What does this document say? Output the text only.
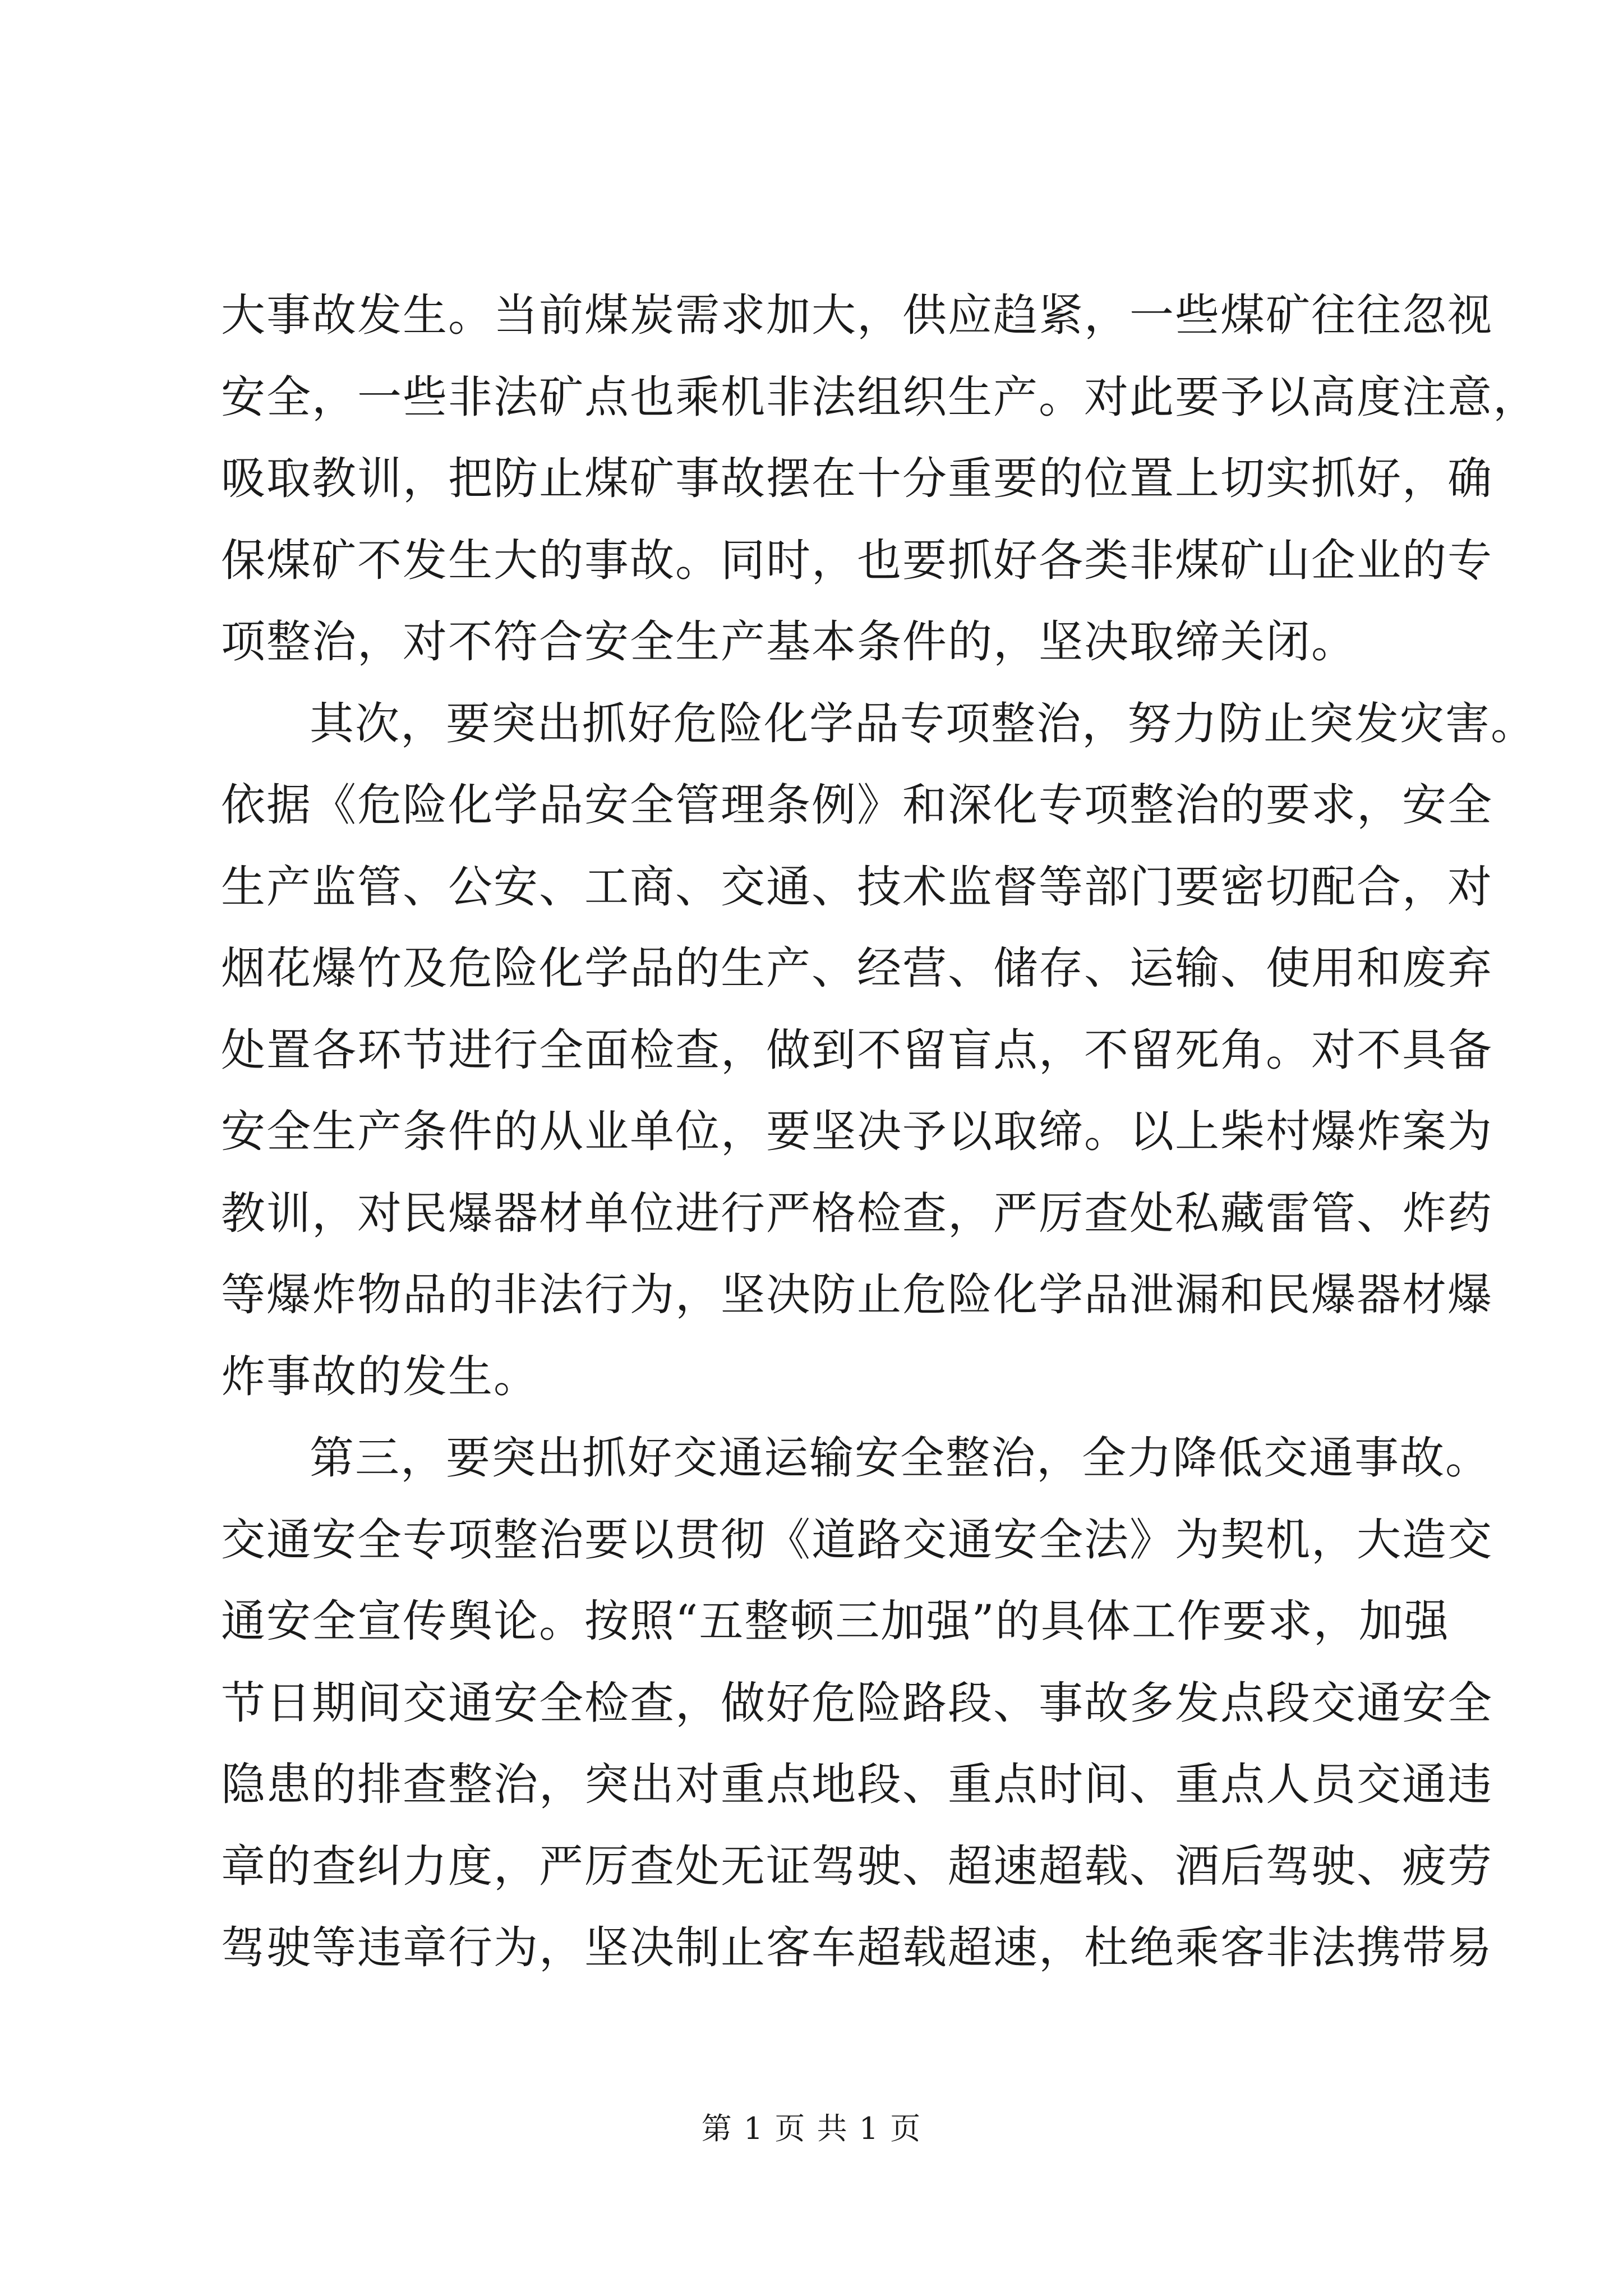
大事故发生。当前煤炭需求加大，供应趋紧，一些煤矿往往忽视
安全，一些非法矿点也乘机非法组织生产。对此要予以高度注意，
吸取教训，把防止煤矿事故摆在十分重要的位置上切实抓好，确
保煤矿不发生大的事故。同时，也要抓好各类非煤矿山企业的专
项整治，对不符合安全生产基本条件的，坚决取缔关闭。
其次，要突出抓好危险化学品专项整治，努力防止突发灾害。
依据《危险化学品安全管理条例》和深化专项整治的要求，安全
生产监管、公安、工商、交通、技术监督等部门要密切配合，对
烟花爆竹及危险化学品的生产、经营、储存、运输、使用和废弃
处置各环节进行全面检查，做到不留盲点，不留死角。对不具备
安全生产条件的从业单位，要坚决予以取缔。以上柴村爆炸案为
教训，对民爆器材单位进行严格检查，严厉查处私藏雷管、炸药
等爆炸物品的非法行为，坚决防止危险化学品泄漏和民爆器材爆
炸事故的发生。
第三，要突出抓好交通运输安全整治，全力降低交通事故。
交通安全专项整治要以贯彻《道路交通安全法》为契机，大造交
通安全宣传舆论。按照“五整顿三加强”的具体工作要求，加强
节日期间交通安全检查，做好危险路段、事故多发点段交通安全
隐患的排查整治，突出对重点地段、重点时间、重点人员交通违
章的查纠力度，严厉查处无证驾驶、超速超载、酒后驾驶、疲劳
驾驶等违章行为，坚决制止客车超载超速，杜绝乘客非法携带易
第 1 页 共 1 页
